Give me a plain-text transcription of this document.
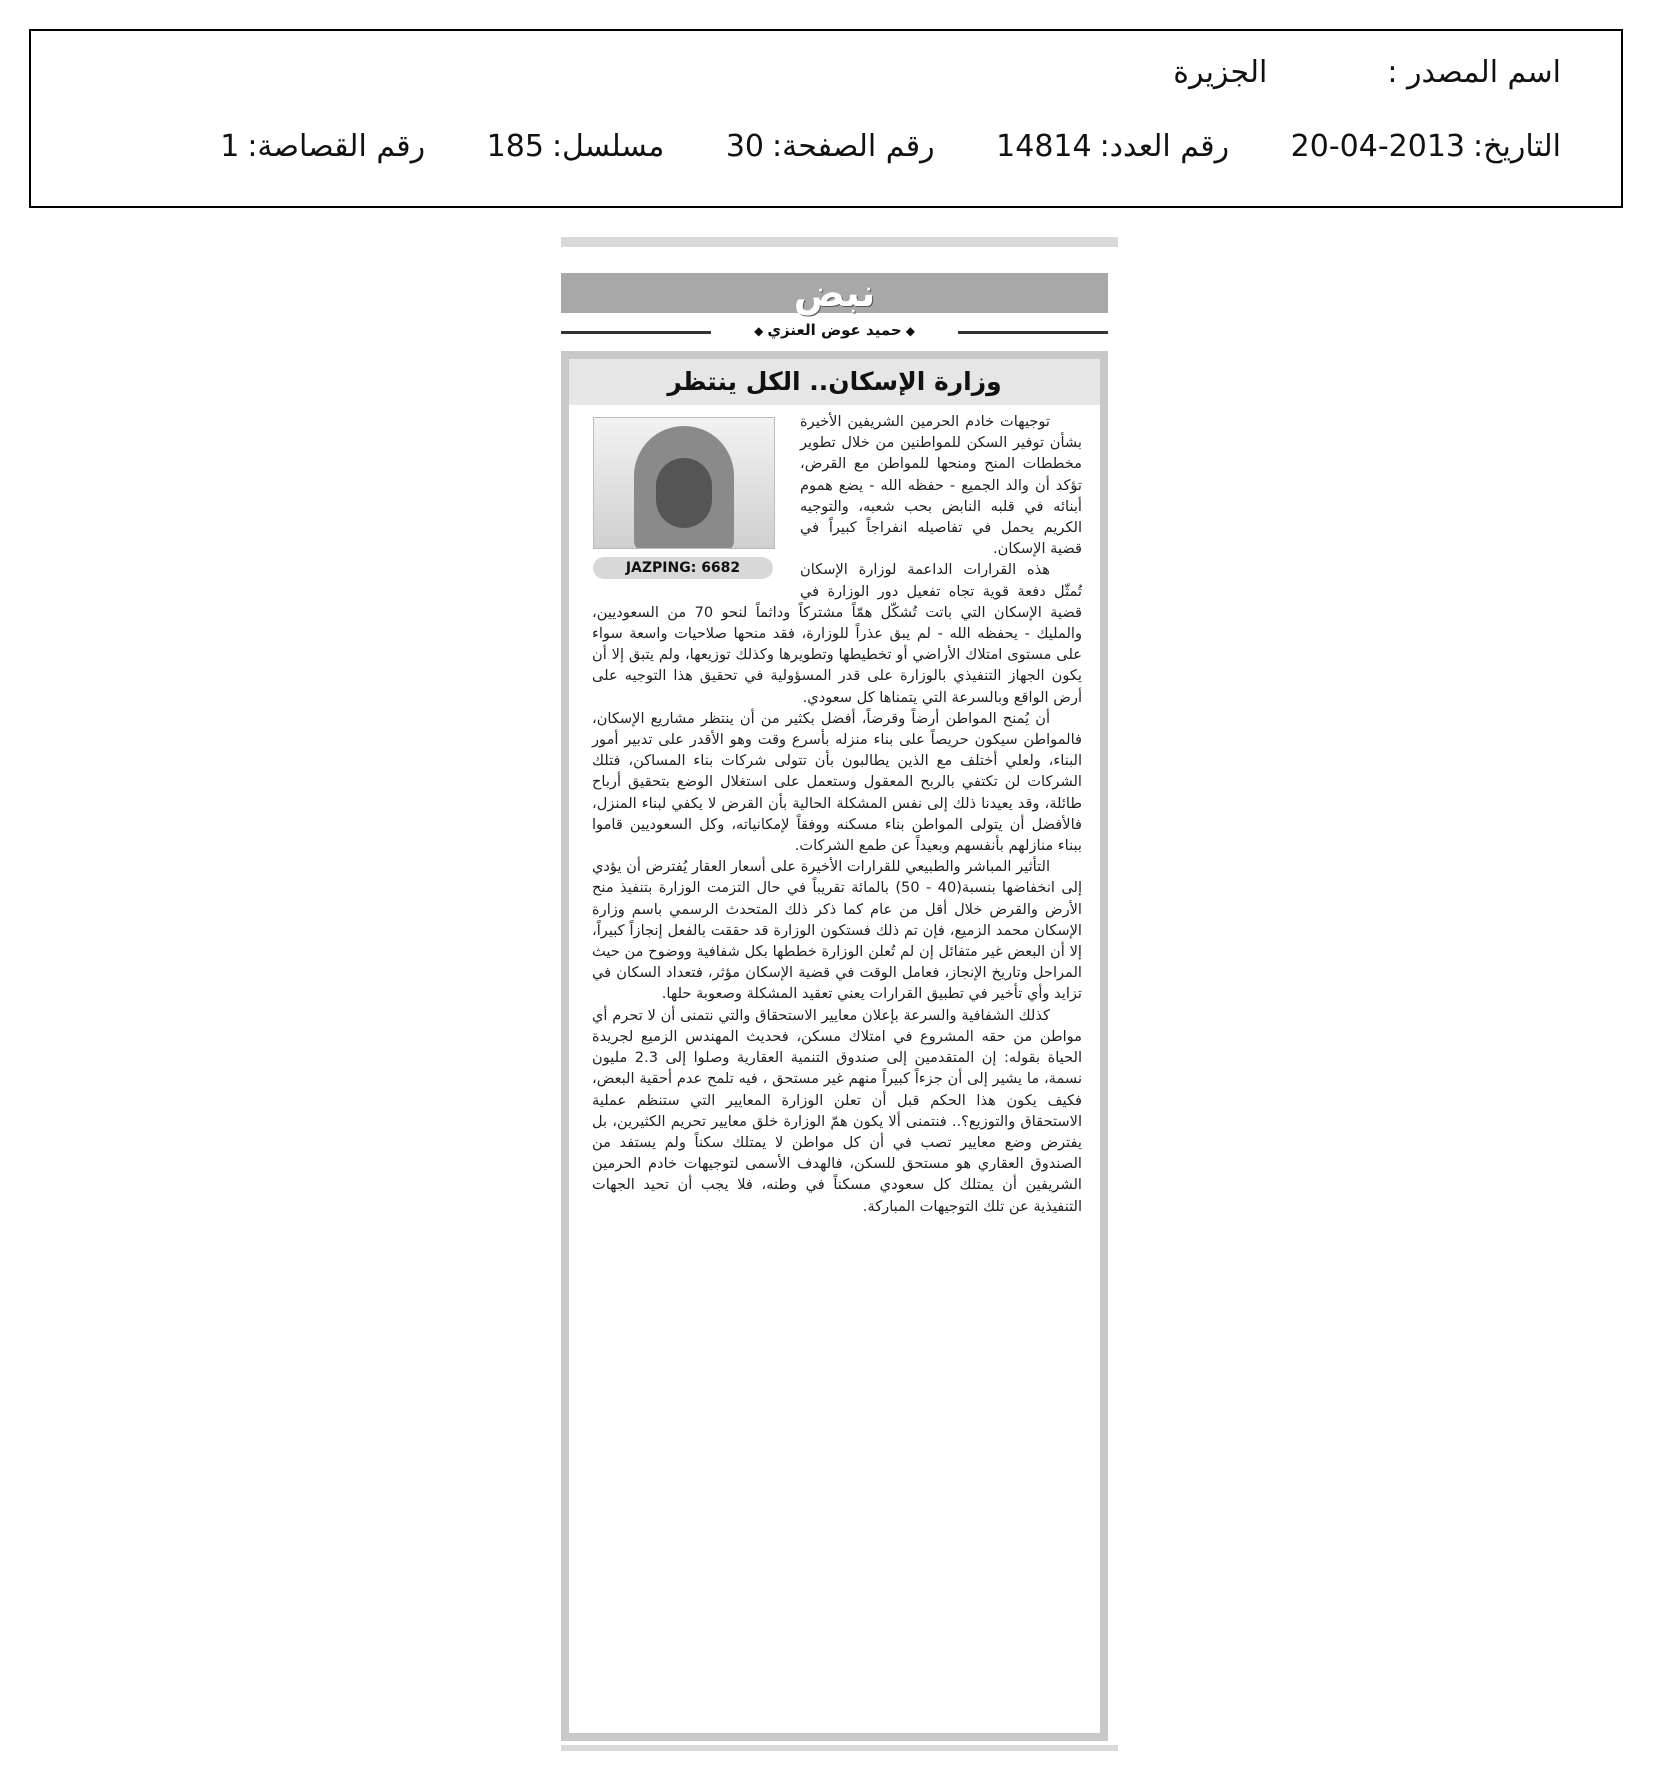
اسم المصدر :الجزيرة
التاريخ:2013-04-20 رقم العدد:14814 رقم الصفحة:30 مسلسل:185 رقم القصاصة:1
نبض
◆حميد عوض العنزي◆
وزارة الإسكان.. الكل ينتظر
JAZPING: 6682

توجيهات خادم الحرمين الشريفين الأخيرة بشأن توفير السكن للمواطنين من خلال تطوير مخططات المنح ومنحها للمواطن مع القرض، تؤكد أن والد الجميع - حفظه الله - يضع هموم أبنائه في قلبه النابض بحب شعبه، والتوجيه الكريم يحمل في تفاصيله انفراجاً كبيراً في قضية الإسكان.

هذه القرارات الداعمة لوزارة الإسكان تُمثّل دفعة قوية تجاه تفعيل دور الوزارة في قضية الإسكان التي باتت تُشكّل همّاً مشتركاً وداثماً لنحو 70 من السعوديين، والمليك - يحفظه الله - لم يبق عذراً للوزارة، فقد منحها صلاحيات واسعة سواء على مستوى امتلاك الأراضي أو تخطيطها وتطويرها وكذلك توزيعها، ولم يتبق إلا أن يكون الجهاز التنفيذي بالوزارة على قدر المسؤولية في تحقيق هذا التوجيه على أرض الواقع وبالسرعة التي يتمناها كل سعودي.

أن يُمنح المواطن أرضاً وقرضاً، أفضل بكثير من أن ينتظر مشاريع الإسكان، فالمواطن سيكون حريصاً على بناء منزله بأسرع وقت وهو الأقدر على تدبير أمور البناء، ولعلي أختلف مع الذين يطالبون بأن تتولى شركات بناء المساكن، فتلك الشركات لن تكتفي بالربح المعقول وستعمل على استغلال الوضع بتحقيق أرباح طائلة، وقد يعيدنا ذلك إلى نفس المشكلة الحالية بأن القرض لا يكفي لبناء المنزل، فالأفضل أن يتولى المواطن بناء مسكنه ووفقاً لإمكانياته، وكل السعوديين قاموا ببناء منازلهم بأنفسهم وبعيداً عن طمع الشركات.

التأثير المباشر والطبيعي للقرارات الأخيرة على أسعار العقار يُفترض أن يؤدي إلى انخفاضها بنسبة(40 - 50) بالمائة تقريباً في حال التزمت الوزارة بتنفيذ منح الأرض والقرض خلال أقل من عام كما ذكر ذلك المتحدث الرسمي باسم وزارة الإسكان محمد الزميع، فإن تم ذلك فستكون الوزارة قد حققت بالفعل إنجازاً كبيراً، إلا أن البعض غير متفائل إن لم تُعلن الوزارة خططها بكل شفافية ووضوح من حيث المراحل وتاريخ الإنجاز، فعامل الوقت في قضية الإسكان مؤثر، فتعداد السكان في تزايد وأي تأخير في تطبيق القرارات يعني تعقيد المشكلة وصعوبة حلها.

كذلك الشفافية والسرعة بإعلان معايير الاستحقاق والتي نتمنى أن لا تحرم أي مواطن من حقه المشروع في امتلاك مسكن، فحديث المهندس الزميع لجريدة الحياة بقوله: إن المتقدمين إلى صندوق التنمية العقارية وصلوا إلى 2.3 مليون نسمة، ما يشير إلى أن جزءاً كبيراً منهم غير مستحق ، فيه تلمح عدم أحقية البعض، فكيف يكون هذا الحكم قبل أن تعلن الوزارة المعايير التي ستنظم عملية الاستحقاق والتوزيع؟.. فنتمنى ألا يكون همّ الوزارة خلق معايير تحريم الكثيرين، بل يفترض وضع معايير تصب في أن كل مواطن لا يمتلك سكناً ولم يستفد من الصندوق العقاري هو مستحق للسكن، فالهدف الأسمى لتوجيهات خادم الحرمين الشريفين أن يمتلك كل سعودي مسكناً في وطنه، فلا يجب أن تحيد الجهات التنفيذية عن تلك التوجيهات المباركة.
